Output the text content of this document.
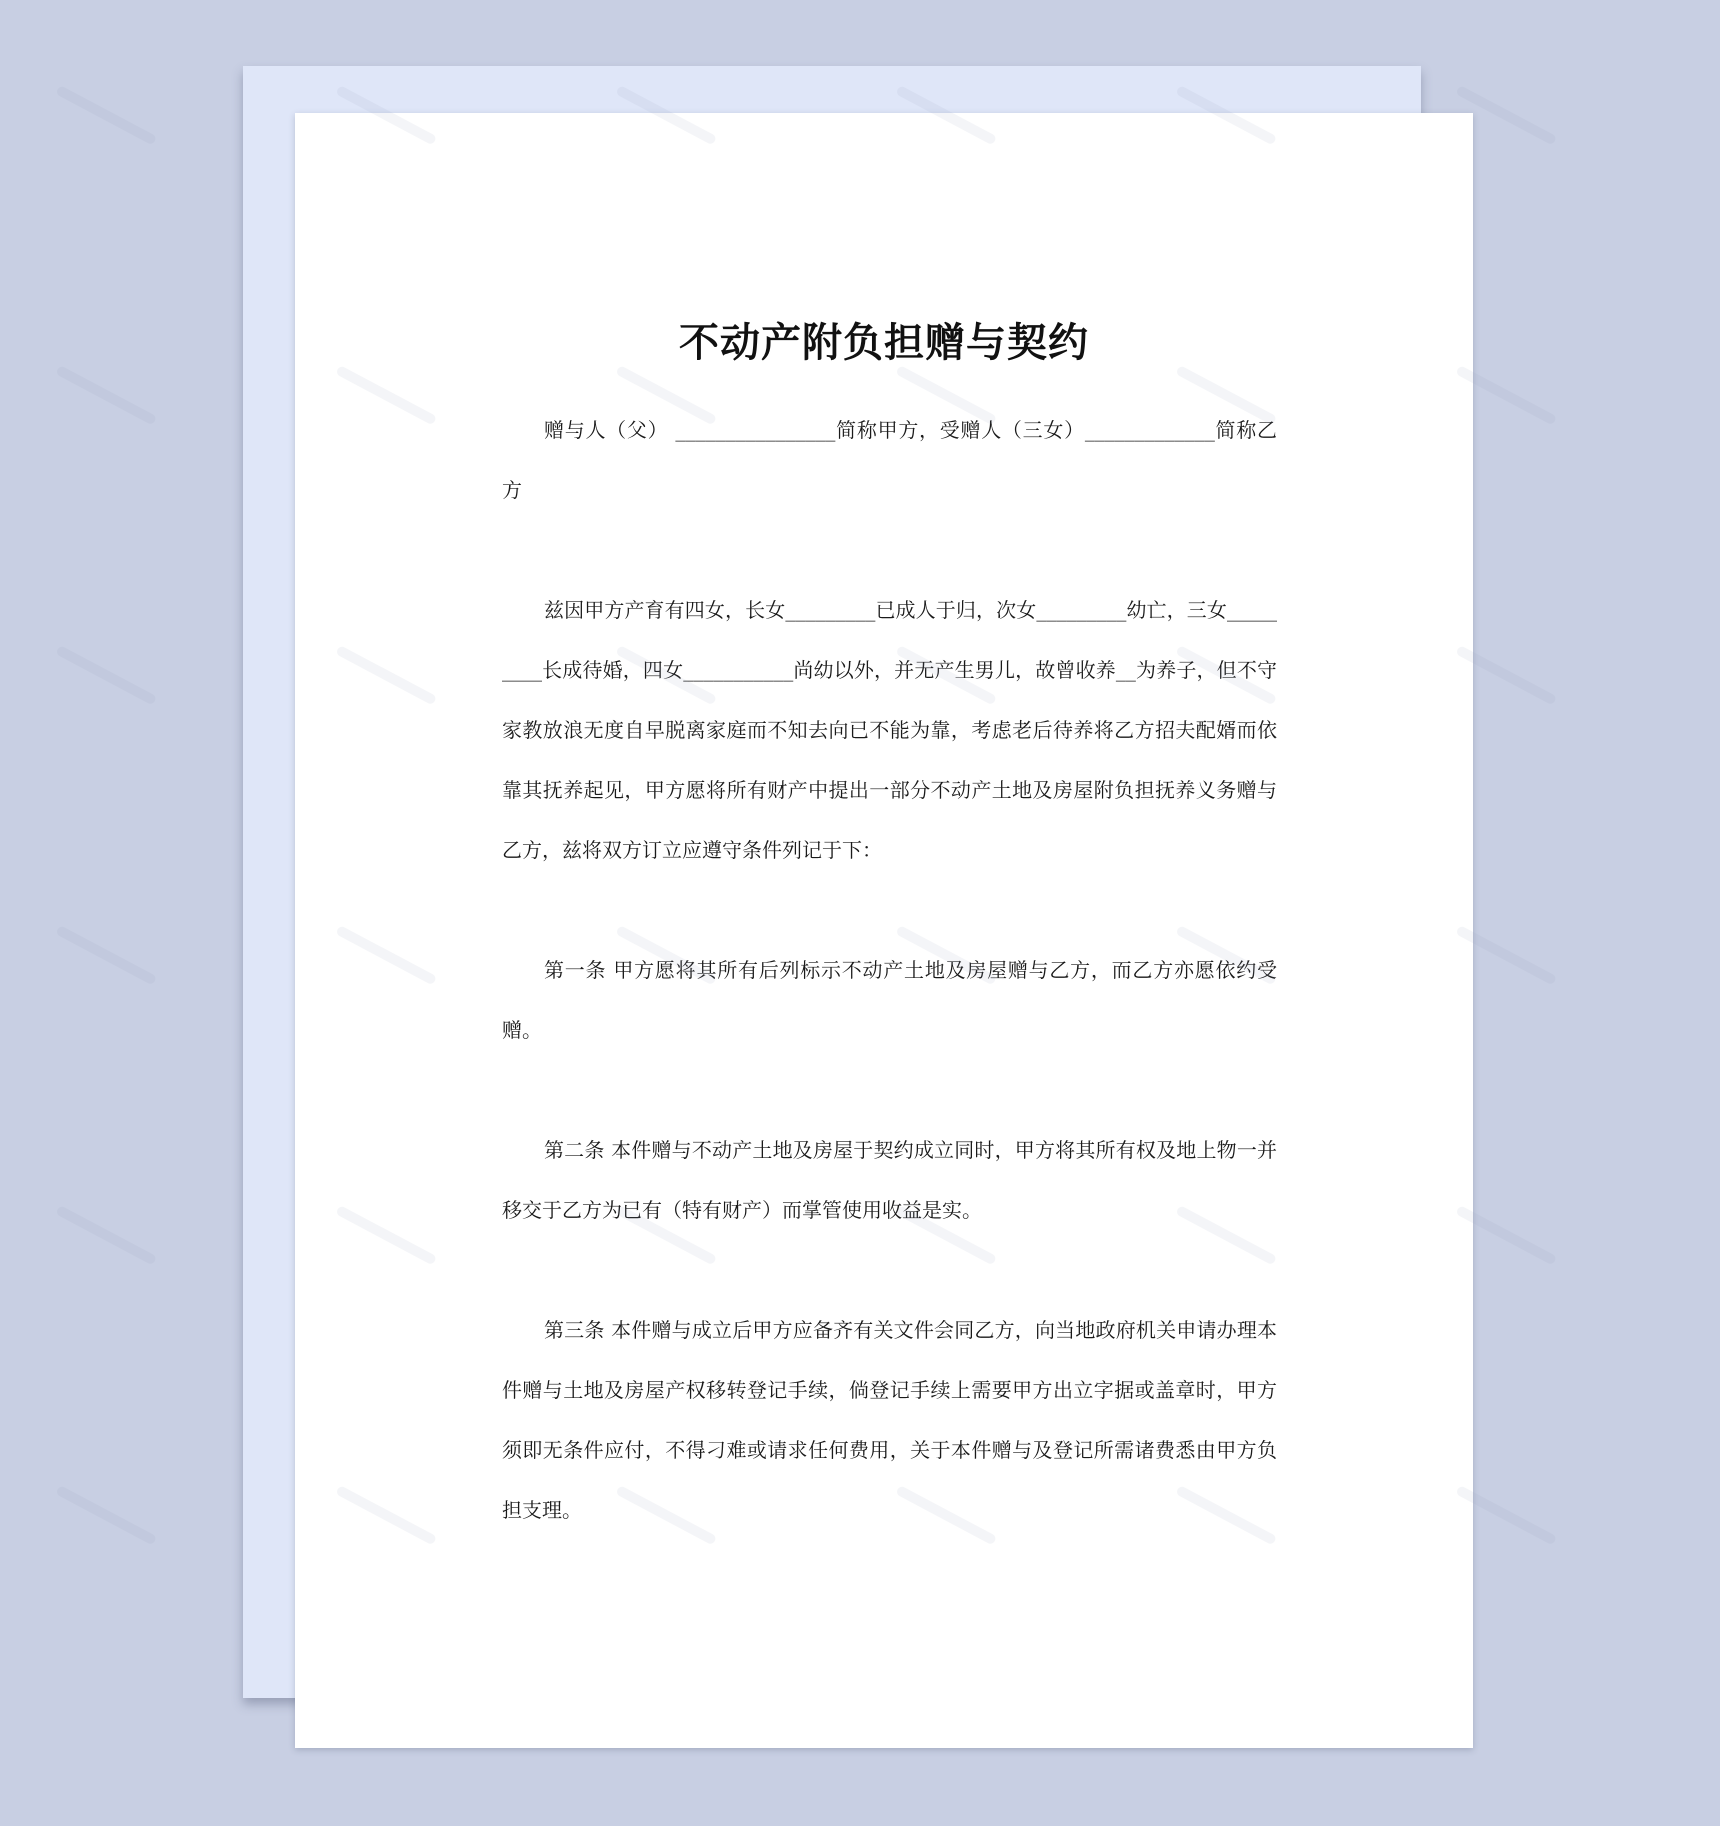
不动产附负担赠与契约

赠与人（父） ________________简称甲方，受赠人（三女）_____________简称乙方

兹因甲方产育有四女，长女_________已成人于归，次女_________幼亡，三女_________长成待婚，四女___________尚幼以外，并无产生男儿，故曾收养__为养子，但不守家教放浪无度自早脱离家庭而不知去向已不能为靠，考虑老后待养将乙方招夫配婿而依靠其抚养起见，甲方愿将所有财产中提出一部分不动产土地及房屋附负担抚养义务赠与乙方，兹将双方订立应遵守条件列记于下：

第一条 甲方愿将其所有后列标示不动产土地及房屋赠与乙方，而乙方亦愿依约受赠。

第二条 本件赠与不动产土地及房屋于契约成立同时，甲方将其所有权及地上物一并移交于乙方为已有（特有财产）而掌管使用收益是实。

第三条 本件赠与成立后甲方应备齐有关文件会同乙方，向当地政府机关申请办理本件赠与土地及房屋产权移转登记手续，倘登记手续上需要甲方出立字据或盖章时，甲方须即无条件应付，不得刁难或请求任何费用，关于本件赠与及登记所需诸费悉由甲方负担支理。
